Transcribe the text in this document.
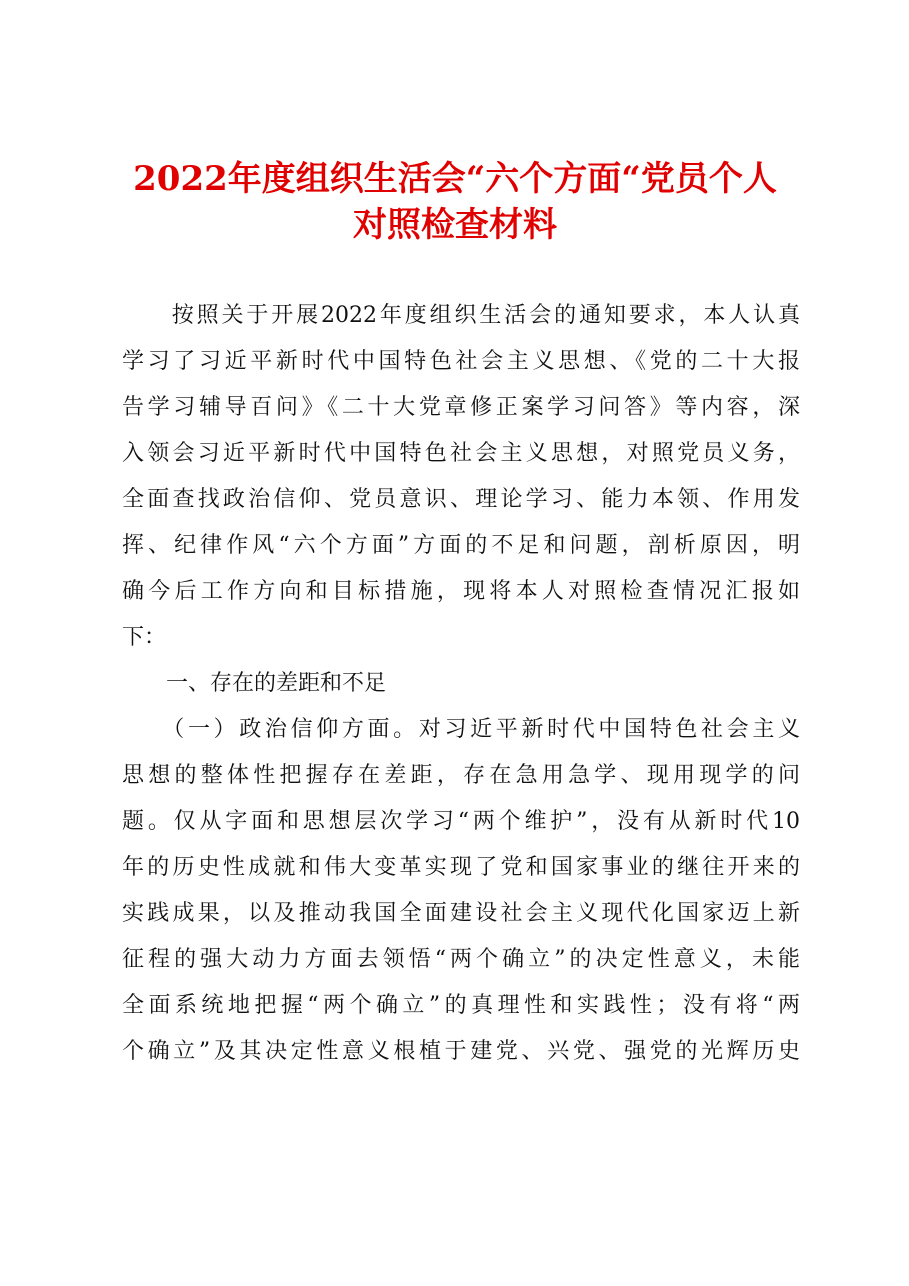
2022年度组织生活会“六个方面“党员个人
对照检查材料
　　按照关于开展2022年度组织生活会的通知要求，本人认真
学习了习近平新时代中国特色社会主义思想、《党的二十大报
告学习辅导百问》《二十大党章修正案学习问答》等内容，深
入领会习近平新时代中国特色社会主义思想，对照党员义务，
全面查找政治信仰、党员意识、理论学习、能力本领、作用发
挥、纪律作风“六个方面”方面的不足和问题，剖析原因，明
确今后工作方向和目标措施，现将本人对照检查情况汇报如
下：
　　一、存在的差距和不足
　　（一）政治信仰方面。对习近平新时代中国特色社会主义
思想的整体性把握存在差距，存在急用急学、现用现学的问
题。仅从字面和思想层次学习“两个维护”，没有从新时代10
年的历史性成就和伟大变革实现了党和国家事业的继往开来的
实践成果，以及推动我国全面建设社会主义现代化国家迈上新
征程的强大动力方面去领悟“两个确立”的决定性意义，未能
全面系统地把握“两个确立”的真理性和实践性；没有将“两
个确立”及其决定性意义根植于建党、兴党、强党的光辉历史
